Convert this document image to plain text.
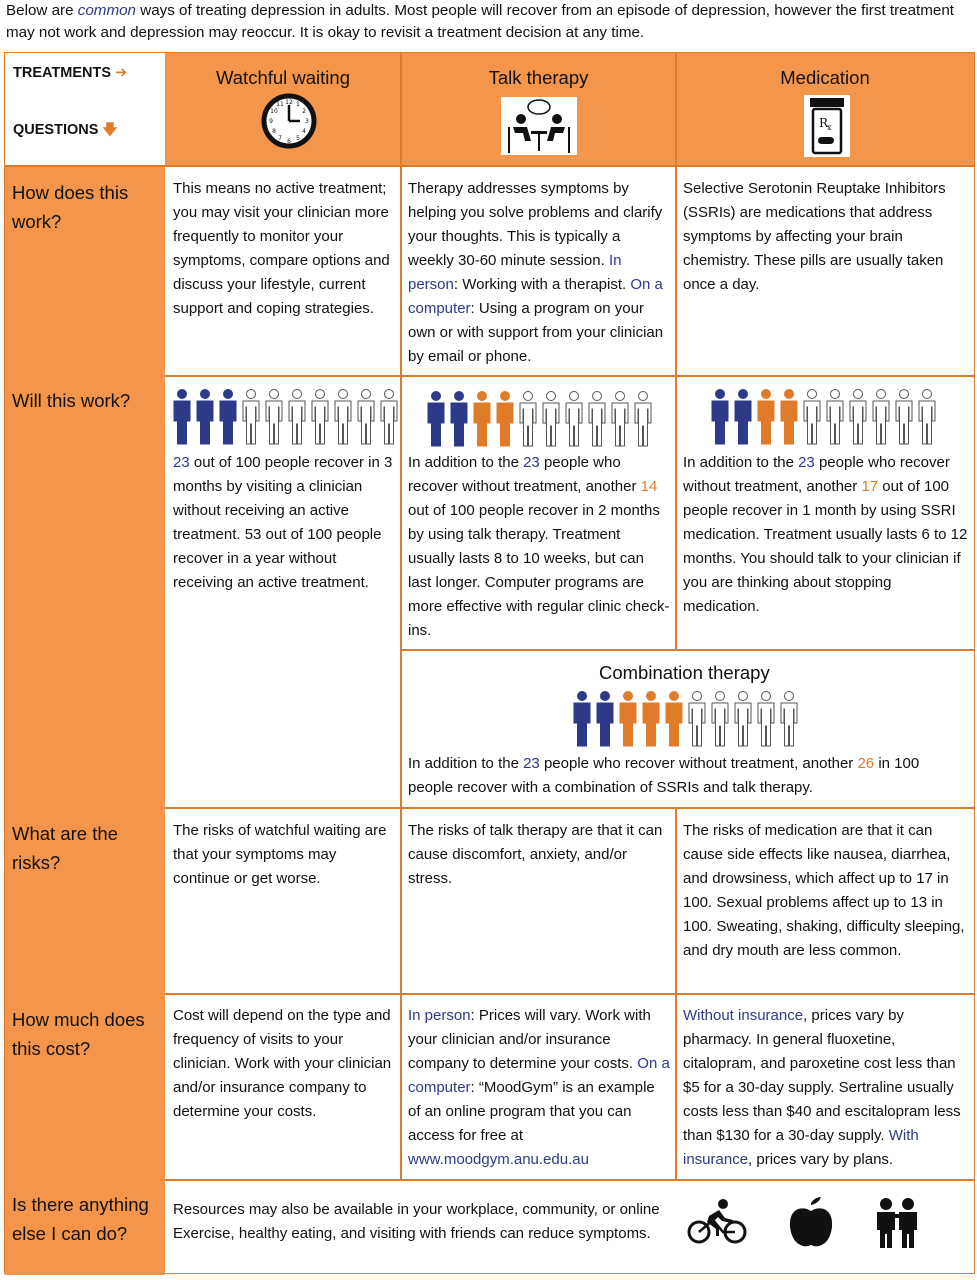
Below are common ways of treating depression in adults. Most people will recover from an episode of depression, however the first treatment may not work and depression may reoccur. It is okay to revisit a treatment decision at any time.
TREATMENTS ➔
QUESTIONS 🡇
Watchful waiting
12 1
2
3
4
5
6
7
8
9
10
11
Talk therapy	Medication
R
x
How does this work?
Will this work?
What are the risks?
How much does this cost?
Is there anything else I can do?
This means no active treatment; you may visit your clinician more frequently to monitor your symptoms, compare options and discuss your lifestyle, current support and coping strategies.
Therapy addresses symptoms by helping you solve problems and clarify your thoughts. This is typically a weekly 30-60 minute session. In person: Working with a therapist. On a computer: Using a program on your own or with support from your clinician by email or phone.
Selective Serotonin Reuptake Inhibitors (SSRIs) are medications that address symptoms by affecting your brain chemistry. These pills are usually taken once a day.
23 out of 100 people recover in 3 months by visiting a clinician without receiving an active treatment. 53 out of 100 people recover in a year without receiving an active treatment.
In addition to the 23 people who recover without treatment, another 14 out of 100 people recover in 2 months by using talk therapy. Treatment usually lasts 8 to 10 weeks, but can last longer. Computer programs are more effective with regular clinic check-ins.
In addition to the 23 people who recover without treatment, another 17 out of 100 people recover in 1 month by using SSRI medication. Treatment usually lasts 6 to 12 months. You should talk to your clinician if you are thinking about stopping medication.
Combination therapy
In addition to the 23 people who recover without treatment, another 26 in 100 people recover with a combination of SSRIs and talk therapy.
The risks of watchful waiting are that your symptoms may continue or get worse.
The risks of talk therapy are that it can cause discomfort, anxiety, and/or stress.
The risks of medication are that it can cause side effects like nausea, diarrhea, and drowsiness, which affect up to 17 in 100. Sexual problems affect up to 13 in 100. Sweating, shaking, difficulty sleeping, and dry mouth are less common.
Cost will depend on the type and frequency of visits to your clinician. Work with your clinician and/or insurance company to determine your costs.
In person: Prices will vary. Work with your clinician and/or insurance company to determine your costs. On a computer: “MoodGym” is an example of an online program that you can access for free at www.moodgym.anu.edu.au
Without insurance, prices vary by pharmacy. In general fluoxetine, citalopram, and paroxetine cost less than $5 for a 30-day supply. Sertraline usually costs less than $40 and escitalopram less than $130 for a 30-day supply. With insurance, prices vary by plans.
Resources may also be available in your workplace, community, or online
Exercise, healthy eating, and visiting with friends can reduce symptoms.
